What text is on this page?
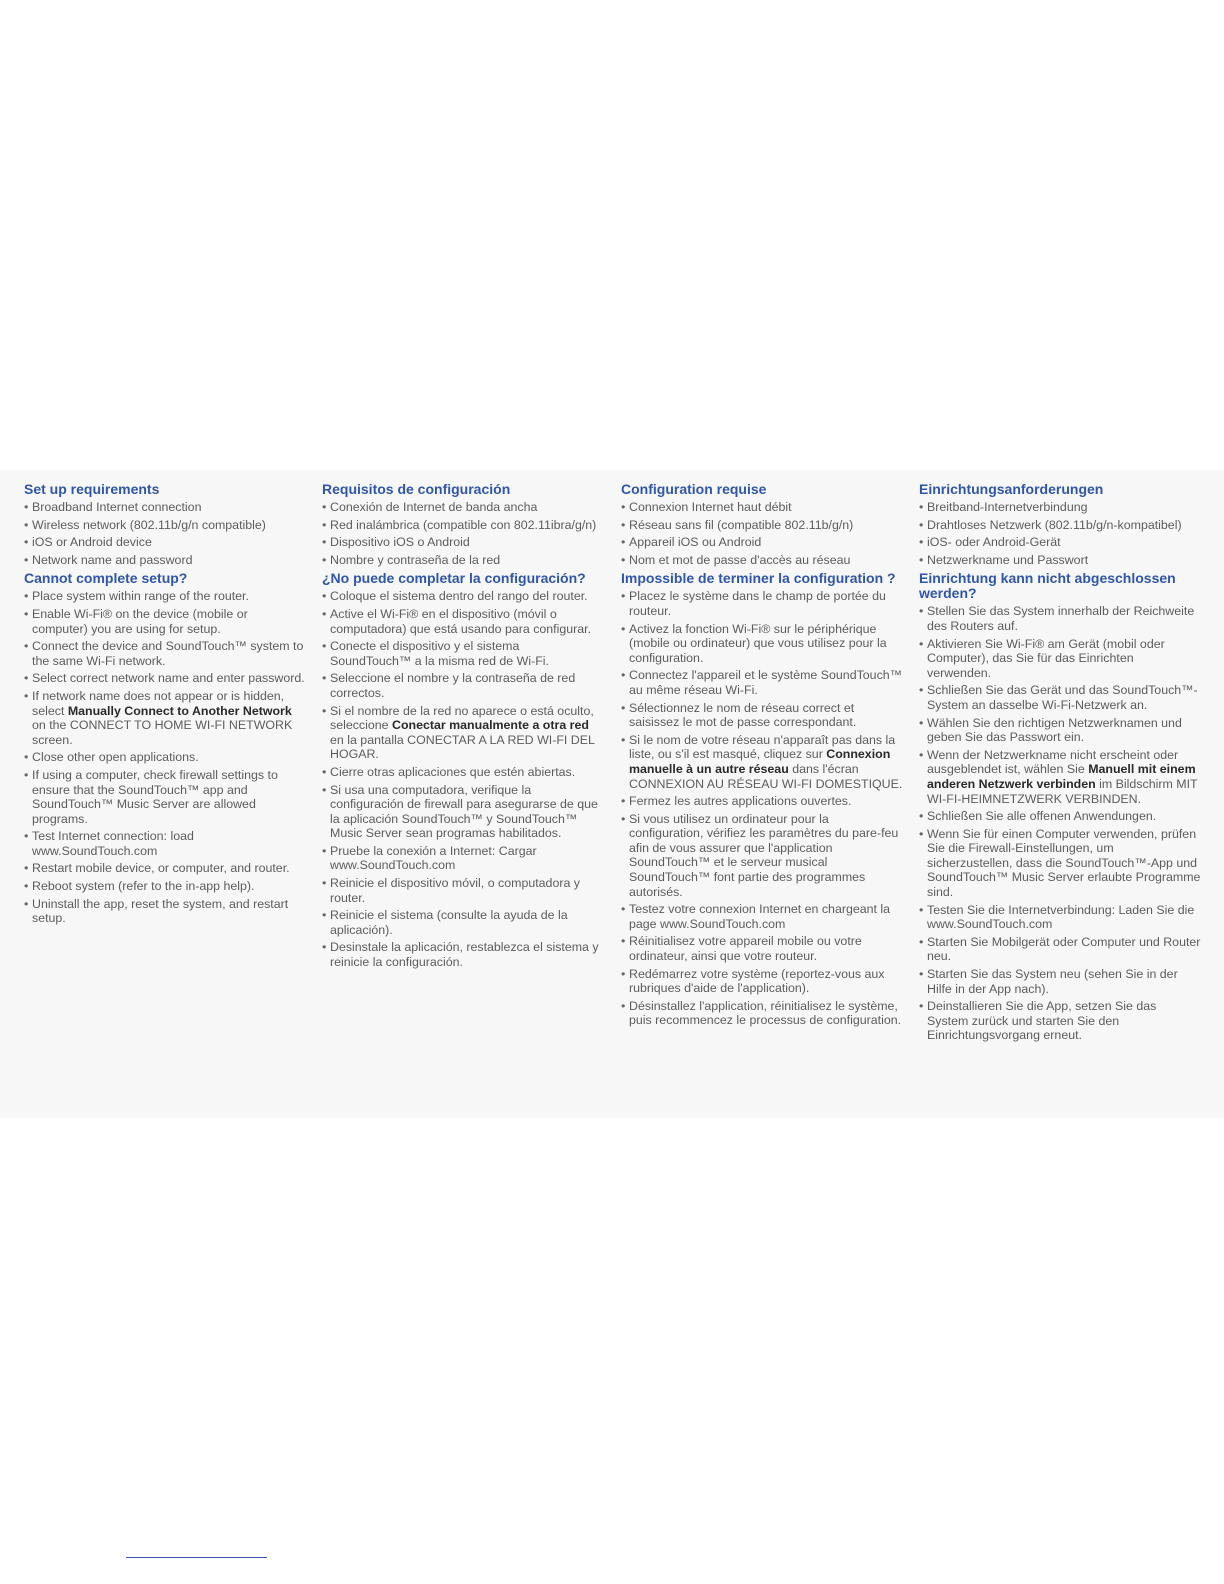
Set up requirements
• Broadband Internet connection
• Wireless network (802.11b/g/n compatible)
• iOS or Android device
• Network name and password
Cannot complete setup?
• Place system within range of the router.
• Enable Wi-Fi® on the device (mobile or computer) you are using for setup.
• Connect the device and SoundTouch™ system to the same Wi-Fi network.
• Select correct network name and enter password.
• If network name does not appear or is hidden, select Manually Connect to Another Network on the CONNECT TO HOME WI-FI NETWORK screen.
• Close other open applications.
• If using a computer, check firewall settings to ensure that the SoundTouch™ app and SoundTouch™ Music Server are allowed programs.
• Test Internet connection: load www.SoundTouch.com
• Restart mobile device, or computer, and router.
• Reboot system (refer to the in-app help).
• Uninstall the app, reset the system, and restart setup.
Requisitos de configuración
• Conexión de Internet de banda ancha
• Red inalámbrica (compatible con 802.11ibra/g/n)
• Dispositivo iOS o Android
• Nombre y contraseña de la red
¿No puede completar la configuración?
• Coloque el sistema dentro del rango del router.
• Active el Wi-Fi® en el dispositivo (móvil o computadora) que está usando para configurar.
• Conecte el dispositivo y el sistema SoundTouch™ a la misma red de Wi-Fi.
• Seleccione el nombre y la contraseña de red correctos.
• Si el nombre de la red no aparece o está oculto, seleccione Conectar manualmente a otra red en la pantalla CONECTAR A LA RED WI-FI DEL HOGAR.
• Cierre otras aplicaciones que estén abiertas.
• Si usa una computadora, verifique la configuración de firewall para asegurarse de que la aplicación SoundTouch™ y SoundTouch™ Music Server sean programas habilitados.
• Pruebe la conexión a Internet: Cargar www.SoundTouch.com
• Reinicie el dispositivo móvil, o computadora y router.
• Reinicie el sistema (consulte la ayuda de la aplicación).
• Desinstale la aplicación, restablezca el sistema y reinicie la configuración.
Configuration requise
• Connexion Internet haut débit
• Réseau sans fil (compatible 802.11b/g/n)
• Appareil iOS ou Android
• Nom et mot de passe d'accès au réseau
Impossible de terminer la configuration ?
• Placez le système dans le champ de portée du routeur.
• Activez la fonction Wi-Fi® sur le périphérique (mobile ou ordinateur) que vous utilisez pour la configuration.
• Connectez l'appareil et le système SoundTouch™ au même réseau Wi-Fi.
• Sélectionnez le nom de réseau correct et saisissez le mot de passe correspondant.
• Si le nom de votre réseau n'apparaît pas dans la liste, ou s'il est masqué, cliquez sur Connexion manuelle à un autre réseau dans l'écran CONNEXION AU RÉSEAU WI-FI DOMESTIQUE.
• Fermez les autres applications ouvertes.
• Si vous utilisez un ordinateur pour la configuration, vérifiez les paramètres du pare-feu afin de vous assurer que l'application SoundTouch™ et le serveur musical SoundTouch™ font partie des programmes autorisés.
• Testez votre connexion Internet en chargeant la page www.SoundTouch.com
• Réinitialisez votre appareil mobile ou votre ordinateur, ainsi que votre routeur.
• Redémarrez votre système (reportez-vous aux rubriques d'aide de l'application).
• Désinstallez l'application, réinitialisez le système, puis recommencez le processus de configuration.
Einrichtungsanforderungen
• Breitband-Internetverbindung
• Drahtloses Netzwerk (802.11b/g/n-kompatibel)
• iOS- oder Android-Gerät
• Netzwerkname und Passwort
Einrichtung kann nicht abgeschlossen werden?
• Stellen Sie das System innerhalb der Reichweite des Routers auf.
• Aktivieren Sie Wi-Fi® am Gerät (mobil oder Computer), das Sie für das Einrichten verwenden.
• Schließen Sie das Gerät und das SoundTouch™-System an dasselbe Wi-Fi-Netzwerk an.
• Wählen Sie den richtigen Netzwerknamen und geben Sie das Passwort ein.
• Wenn der Netzwerkname nicht erscheint oder ausgeblendet ist, wählen Sie Manuell mit einem anderen Netzwerk verbinden im Bildschirm MIT WI-FI-HEIMNETZWERK VERBINDEN.
• Schließen Sie alle offenen Anwendungen.
• Wenn Sie für einen Computer verwenden, prüfen Sie die Firewall-Einstellungen, um sicherzustellen, dass die SoundTouch™-App und SoundTouch™ Music Server erlaubte Programme sind.
• Testen Sie die Internetverbindung: Laden Sie die www.SoundTouch.com
• Starten Sie Mobilgerät oder Computer und Router neu.
• Starten Sie das System neu (sehen Sie in der Hilfe in der App nach).
• Deinstallieren Sie die App, setzen Sie das System zurück und starten Sie den Einrichtungsvorgang erneut.
